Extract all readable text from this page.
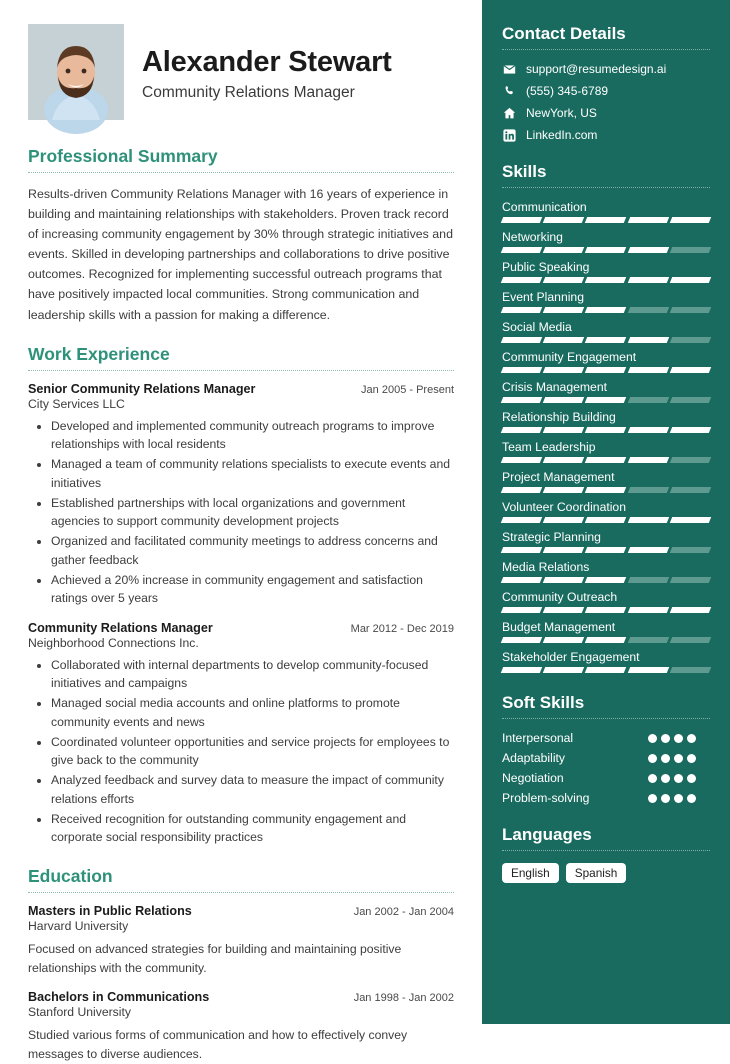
Alexander Stewart
Community Relations Manager
Professional Summary
Results-driven Community Relations Manager with 16 years of experience in building and maintaining relationships with stakeholders. Proven track record of increasing community engagement by 30% through strategic initiatives and events. Skilled in developing partnerships and collaborations to drive positive outcomes. Recognized for implementing successful outreach programs that have positively impacted local communities. Strong communication and leadership skills with a passion for making a difference.
Work Experience
Senior Community Relations Manager	Jan 2005 - Present
City Services LLC
• Developed and implemented community outreach programs to improve relationships with local residents
• Managed a team of community relations specialists to execute events and initiatives
• Established partnerships with local organizations and government agencies to support community development projects
• Organized and facilitated community meetings to address concerns and gather feedback
• Achieved a 20% increase in community engagement and satisfaction ratings over 5 years
Community Relations Manager	Mar 2012 - Dec 2019
Neighborhood Connections Inc.
• Collaborated with internal departments to develop community-focused initiatives and campaigns
• Managed social media accounts and online platforms to promote community events and news
• Coordinated volunteer opportunities and service projects for employees to give back to the community
• Analyzed feedback and survey data to measure the impact of community relations efforts
• Received recognition for outstanding community engagement and corporate social responsibility practices
Education
Masters in Public Relations	Jan 2002 - Jan 2004
Harvard University
Focused on advanced strategies for building and maintaining positive relationships with the community.
Bachelors in Communications	Jan 1998 - Jan 2002
Stanford University
Studied various forms of communication and how to effectively convey messages to diverse audiences.
Contact Details
support@resumedesign.ai
(555) 345-6789
NewYork, US
LinkedIn.com
Skills
Communication
Networking
Public Speaking
Event Planning
Social Media
Community Engagement
Crisis Management
Relationship Building
Team Leadership
Project Management
Volunteer Coordination
Strategic Planning
Media Relations
Community Outreach
Budget Management
Stakeholder Engagement
Soft Skills
Interpersonal
Adaptability
Negotiation
Problem-solving
Languages
English	Spanish
